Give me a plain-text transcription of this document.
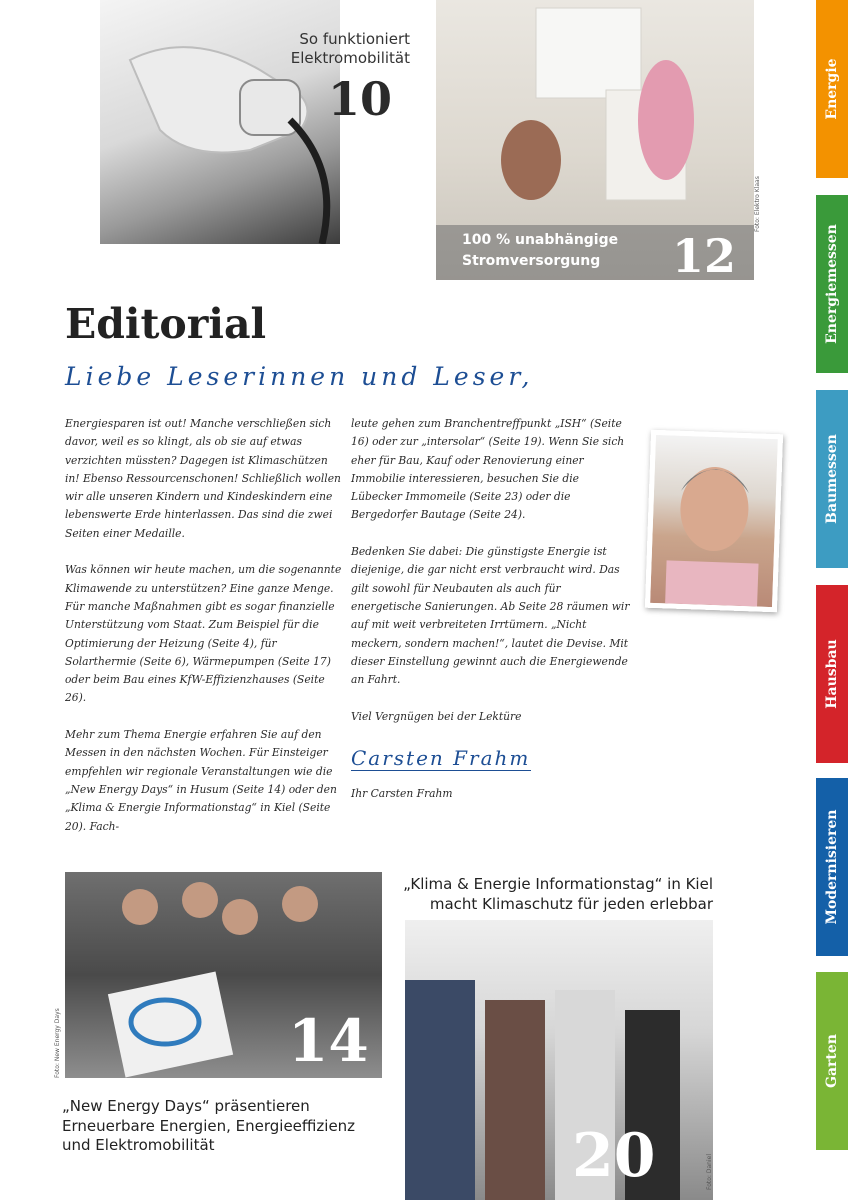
So funktioniert
Elektromobilität
10
100 % unabhängige
Stromversorgung	12
Foto: Elektro Klaas
Editorial
Liebe Leserinnen und Leser,

Energiesparen ist out! Manche verschließen sich davor, weil es so klingt, als ob sie auf etwas verzichten müssten? Dagegen ist Klimaschützen in! Ebenso Ressourcenschonen! Schließlich wollen wir alle unseren Kindern und Kindeskindern eine lebenswerte Erde hinterlassen. Das sind die zwei Seiten einer Medaille.

Was können wir heute machen, um die sogenannte Klimawende zu unterstützen? Eine ganze Menge. Für manche Maßnahmen gibt es sogar finanzielle Unterstützung vom Staat. Zum Beispiel für die Optimierung der Heizung (Seite 4), für Solarthermie (Seite 6), Wärmepumpen (Seite 17) oder beim Bau eines KfW-Effizienzhauses (Seite 26).

Mehr zum Thema Energie erfahren Sie auf den Messen in den nächsten Wochen. Für Einsteiger empfehlen wir regionale Veranstaltungen wie die „New Energy Days“ in Husum (Seite 14) oder den „Klima & Energie Informationstag“ in Kiel (Seite 20). Fach-

leute gehen zum Branchentreffpunkt „ISH“ (Seite 16) oder zur „intersolar“ (Seite 19). Wenn Sie sich eher für Bau, Kauf oder Renovierung einer Immobilie interessieren, besuchen Sie die Lübecker Immomeile (Seite 23) oder die Bergedorfer Bautage (Seite 24).

Bedenken Sie dabei: Die günstigste Energie ist diejenige, die gar nicht erst verbraucht wird. Das gilt sowohl für Neubauten als auch für energetische Sanierungen. Ab Seite 28 räumen wir auf mit weit verbreiteten Irrtümern. „Nicht meckern, sondern machen!“, lautet die Devise. Mit dieser Einstellung gewinnt auch die Energiewende an Fahrt.

Viel Vergnügen bei der Lektüre

Carsten Frahm
Ihr Carsten Frahm
14
Foto: New Energy Days
„New Energy Days“ präsentieren
Erneuerbare Energien, Energieeffizienz
und Elektromobilität
„Klima & Energie Informationstag“ in Kiel
macht Klimaschutz für jeden erlebbar
20	Foto: Daniel
Energie
Energiemessen
Baumessen
Hausbau
Modernisieren
Garten
